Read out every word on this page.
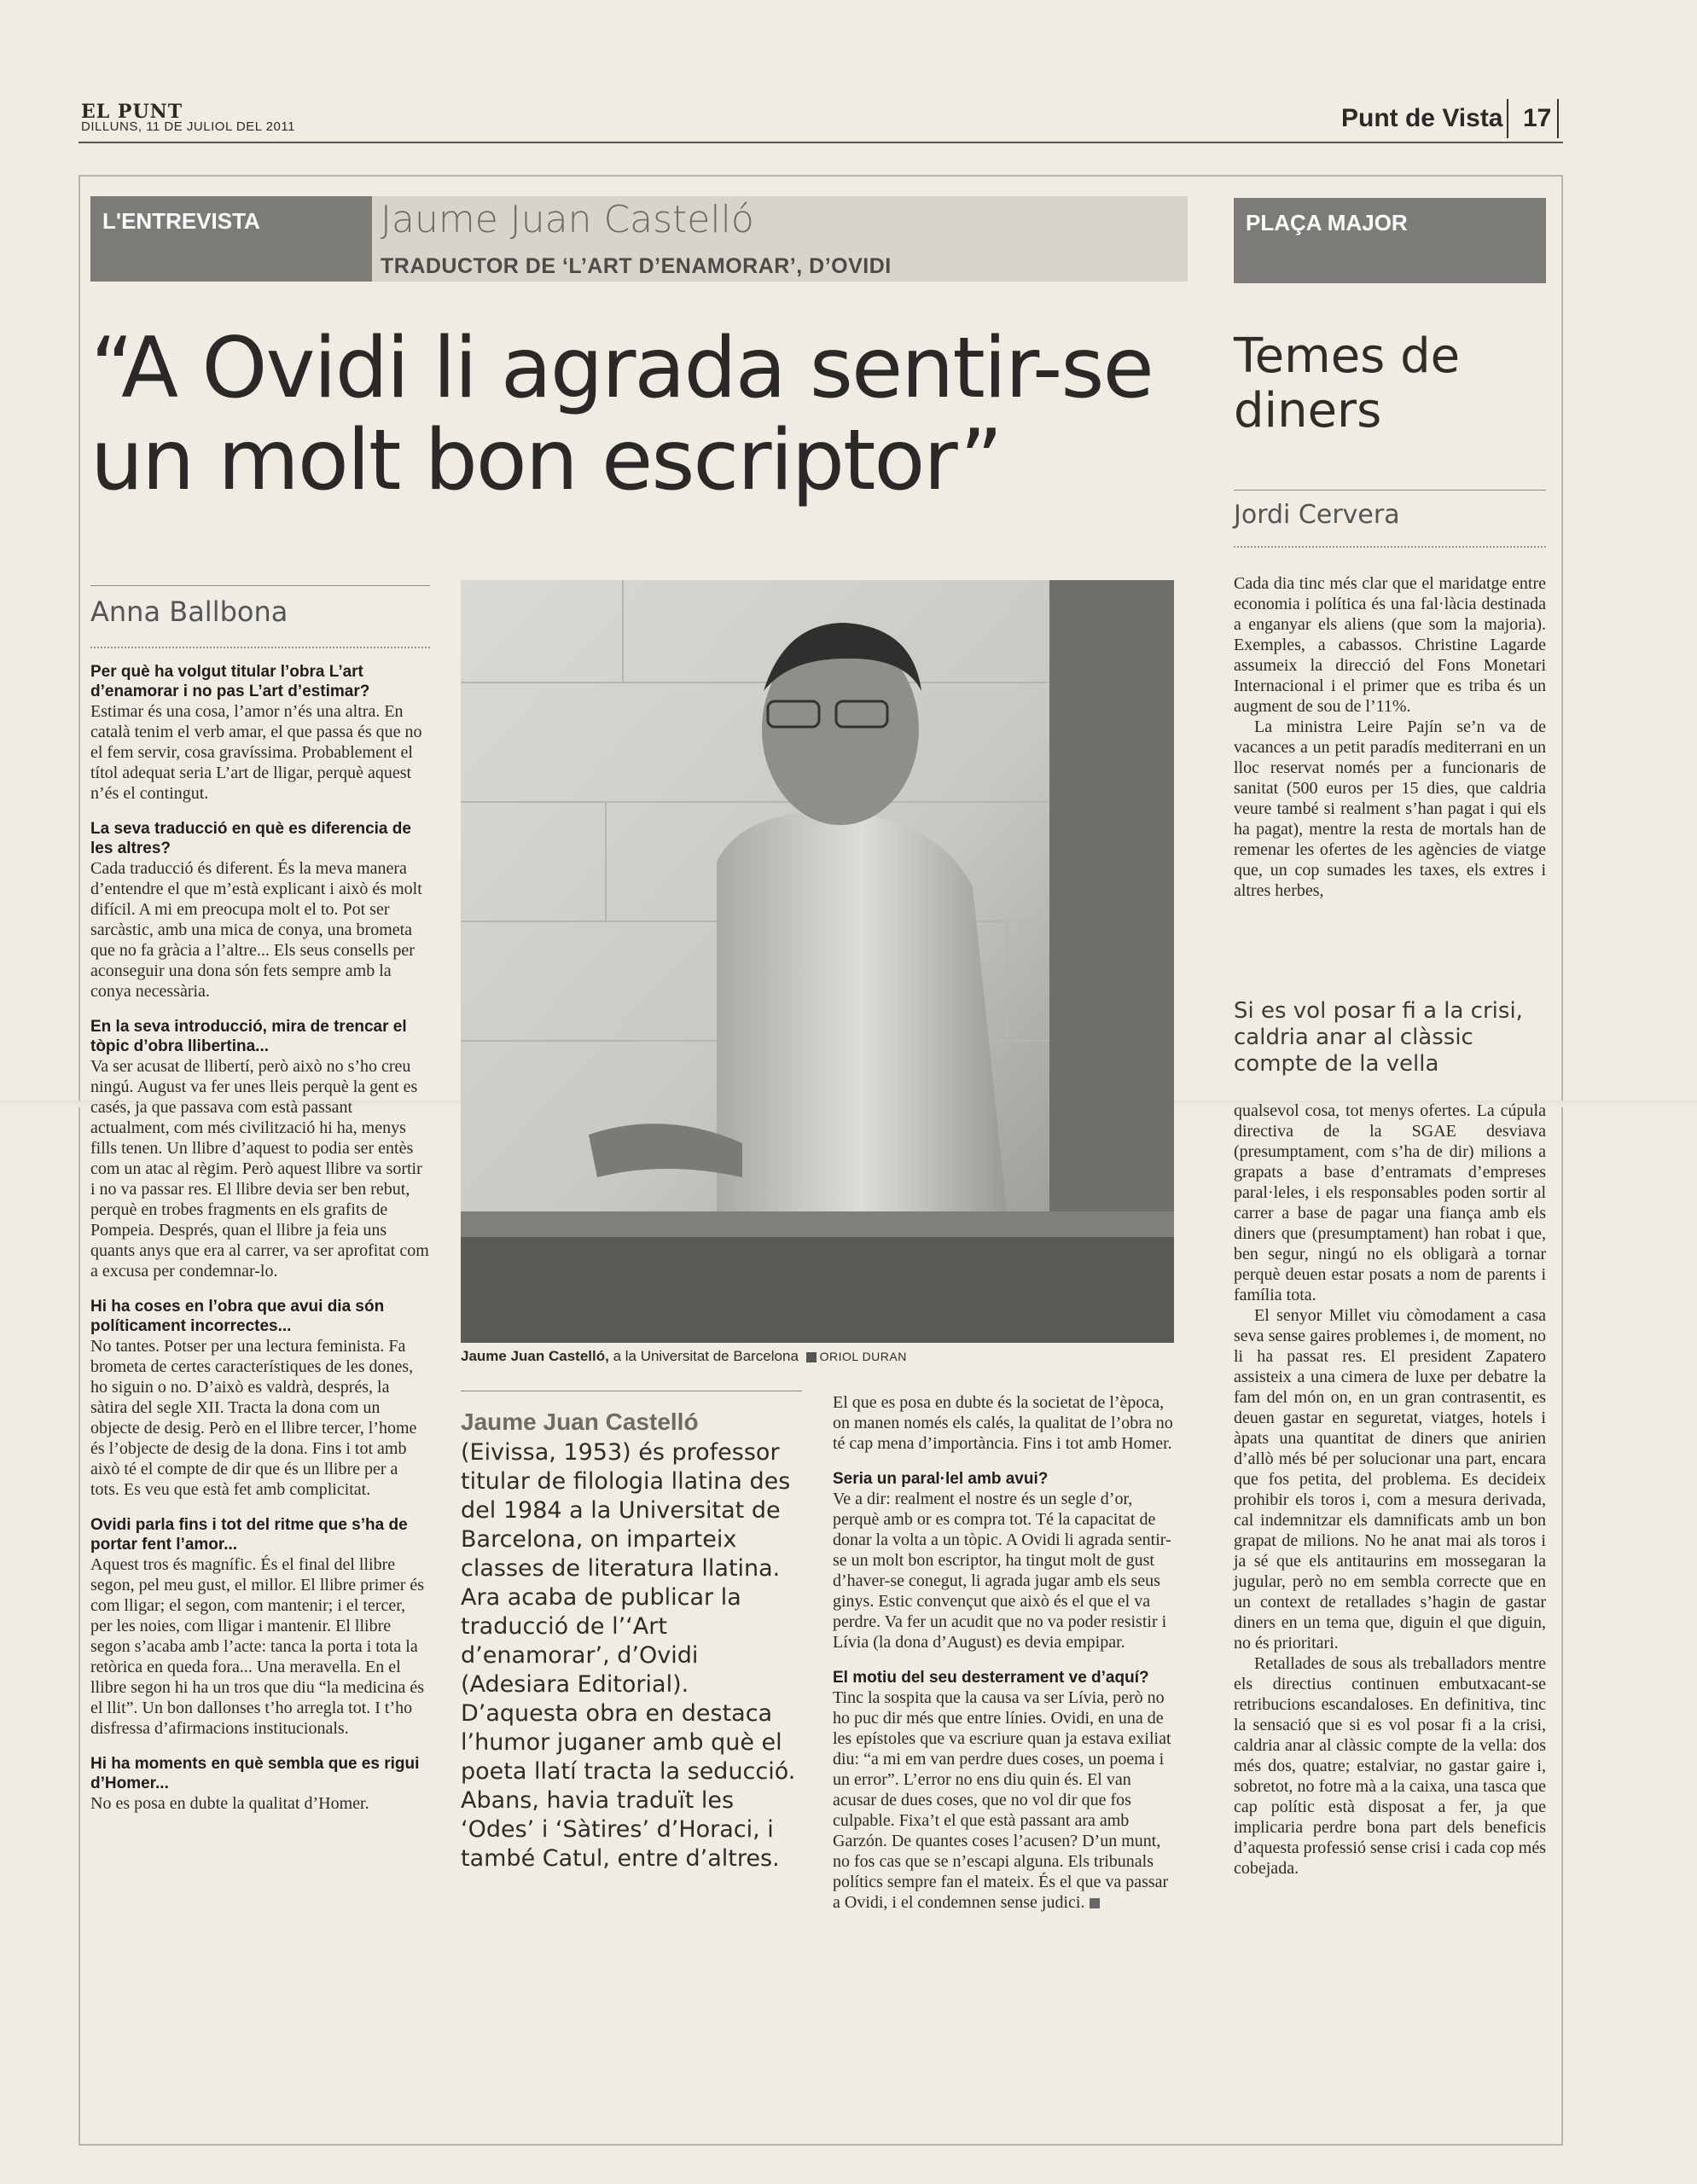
EL PUNT
DILLUNS, 11 DE JULIOL DEL 2011	Punt de Vista 17
L'ENTREVISTA	Jaume Juan Castelló
TRADUCTOR DE ‘L’ART D’ENAMORAR’, D’OVIDI
“A Ovidi li agrada sentir-se
un molt bon escriptor”
PLAÇA MAJOR
Temes de diners
Jordi Cervera
Anna Ballbona
Jaume Juan Castelló, a la Universitat de Barcelona ORIOL DURAN
Per què ha volgut titular l’obra L’art d’enamorar i no pas L’art d’estimar?
Estimar és una cosa, l’amor n’és una altra. En català tenim el verb amar, el que passa és que no el fem servir, cosa gravíssima. Probablement el títol adequat seria L’art de lligar, perquè aquest n’és el contingut.
La seva traducció en què es diferencia de les altres?
Cada traducció és diferent. És la meva manera d’entendre el que m’està explicant i això és molt difícil. A mi em preocupa molt el to. Pot ser sarcàstic, amb una mica de conya, una brometa que no fa gràcia a l’altre... Els seus consells per aconseguir una dona són fets sempre amb la conya necessària.
En la seva introducció, mira de trencar el tòpic d’obra llibertina...
Va ser acusat de llibertí, però això no s’ho creu ningú. August va fer unes lleis perquè la gent es casés, ja que passava com està passant actualment, com més civilització hi ha, menys fills tenen. Un llibre d’aquest to podia ser entès com un atac al règim. Però aquest llibre va sortir i no va passar res. El llibre devia ser ben rebut, perquè en trobes fragments en els grafits de Pompeia. Després, quan el llibre ja feia uns quants anys que era al carrer, va ser aprofitat com a excusa per condemnar-lo.
Hi ha coses en l’obra que avui dia són políticament incorrectes...
No tantes. Potser per una lectura feminista. Fa brometa de certes característiques de les dones, ho siguin o no. D’això es valdrà, després, la sàtira del segle XII. Tracta la dona com un objecte de desig. Però en el llibre tercer, l’home és l’objecte de desig de la dona. Fins i tot amb això té el compte de dir que és un llibre per a tots. Es veu que està fet amb complicitat.
Ovidi parla fins i tot del ritme que s’ha de portar fent l’amor...
Aquest tros és magnífic. És el final del llibre segon, pel meu gust, el millor. El llibre primer és com lligar; el segon, com mantenir; i el tercer, per les noies, com lligar i mantenir. El llibre segon s’acaba amb l’acte: tanca la porta i tota la retòrica en queda fora... Una meravella. En el llibre segon hi ha un tros que diu “la medicina és el llit”. Un bon dallonses t’ho arregla tot. I t’ho disfressa d’afirmacions institucionals.
Hi ha moments en què sembla que es rigui d’Homer...
No es posa en dubte la qualitat d’Homer.
Jaume Juan Castelló
(Eivissa, 1953) és professor titular de filologia llatina des del 1984 a la Universitat de Barcelona, on imparteix classes de literatura llatina. Ara acaba de publicar la traducció de l’‘Art d’enamorar’, d’Ovidi (Adesiara Editorial). D’aquesta obra en destaca l’humor juganer amb què el poeta llatí tracta la seducció. Abans, havia traduït les ‘Odes’ i ‘Sàtires’ d’Horaci, i també Catul, entre d’altres.
El que es posa en dubte és la societat de l’època, on manen només els calés, la qualitat de l’obra no té cap mena d’importància. Fins i tot amb Homer.
Seria un paral·lel amb avui?
Ve a dir: realment el nostre és un segle d’or, perquè amb or es compra tot. Té la capacitat de donar la volta a un tòpic. A Ovidi li agrada sentir-se un molt bon escriptor, ha tingut molt de gust d’haver-se conegut, li agrada jugar amb els seus ginys. Estic convençut que això és el que el va perdre. Va fer un acudit que no va poder resistir i Lívia (la dona d’August) es devia empipar.
El motiu del seu desterrament ve d’aquí?
Tinc la sospita que la causa va ser Lívia, però no ho puc dir més que entre línies. Ovidi, en una de les epístoles que va escriure quan ja estava exiliat diu: “a mi em van perdre dues coses, un poema i un error”. L’error no ens diu quin és. El van acusar de dues coses, que no vol dir que fos culpable. Fixa’t el que està passant ara amb Garzón. De quantes coses l’acusen? D’un munt, no fos cas que se n’escapi alguna. Els tribunals polítics sempre fan el mateix. És el que va passar a Ovidi, i el condemnen sense judici.

Cada dia tinc més clar que el maridatge entre economia i política és una fal·làcia destinada a enganyar els aliens (que som la majoria). Exemples, a cabassos. Christine Lagarde assumeix la direcció del Fons Monetari Internacional i el primer que es triba és un augment de sou de l’11%.

La ministra Leire Pajín se’n va de vacances a un petit paradís mediterrani en un lloc reservat només per a funcionaris de sanitat (500 euros per 15 dies, que caldria veure també si realment s’han pagat i qui els ha pagat), mentre la resta de mortals han de remenar les ofertes de les agències de viatge que, un cop sumades les taxes, els extres i altres herbes,

Si es vol posar fi a la crisi, caldria anar al clàssic compte de la vella

qualsevol cosa, tot menys ofertes. La cúpula directiva de la SGAE desviava (presumptament, com s’ha de dir) milions a grapats a base d’entramats d’empreses paral·leles, i els responsables poden sortir al carrer a base de pagar una fiança amb els diners que (presumptament) han robat i que, ben segur, ningú no els obligarà a tornar perquè deuen estar posats a nom de parents i família tota.

El senyor Millet viu còmodament a casa seva sense gaires problemes i, de moment, no li ha passat res. El president Zapatero assisteix a una cimera de luxe per debatre la fam del món on, en un gran contrasentit, es deuen gastar en seguretat, viatges, hotels i àpats una quantitat de diners que anirien d’allò més bé per solucionar una part, encara que fos petita, del problema. Es decideix prohibir els toros i, com a mesura derivada, cal indemnitzar els damnificats amb un bon grapat de milions. No he anat mai als toros i ja sé que els antitaurins em mossegaran la jugular, però no em sembla correcte que en un context de retallades s’hagin de gastar diners en un tema que, diguin el que diguin, no és prioritari.

Retallades de sous als treballadors mentre els directius continuen embutxacant-se retribucions escandaloses. En definitiva, tinc la sensació que si es vol posar fi a la crisi, caldria anar al clàssic compte de la vella: dos més dos, quatre; estalviar, no gastar gaire i, sobretot, no fotre mà a la caixa, una tasca que cap polític està disposat a fer, ja que implicaria perdre bona part dels beneficis d’aquesta professió sense crisi i cada cop més cobejada.
